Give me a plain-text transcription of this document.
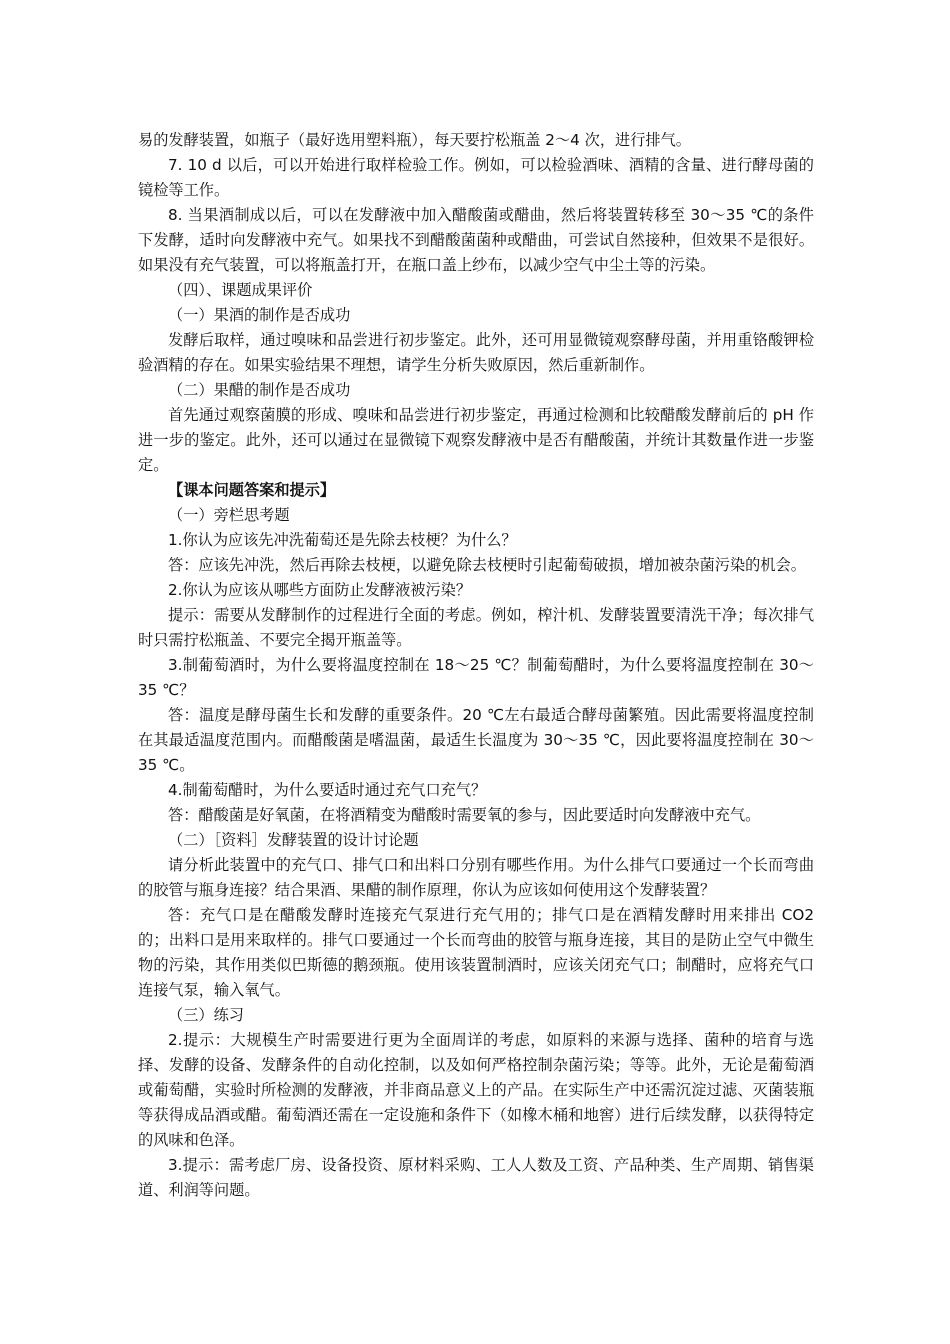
易的发酵装置，如瓶子（最好选用塑料瓶），每天要拧松瓶盖 2～4 次，进行排气。

7. 10 d 以后，可以开始进行取样检验工作。例如，可以检验酒味、酒精的含量、进行酵母菌的镜检等工作。

8. 当果酒制成以后，可以在发酵液中加入醋酸菌或醋曲，然后将装置转移至 30～35 ℃的条件下发酵，适时向发酵液中充气。如果找不到醋酸菌菌种或醋曲，可尝试自然接种，但效果不是很好。如果没有充气装置，可以将瓶盖打开，在瓶口盖上纱布，以减少空气中尘土等的污染。

（四）、课题成果评价

（一）果酒的制作是否成功

发酵后取样，通过嗅味和品尝进行初步鉴定。此外，还可用显微镜观察酵母菌，并用重铬酸钾检验酒精的存在。如果实验结果不理想，请学生分析失败原因，然后重新制作。

（二）果醋的制作是否成功

首先通过观察菌膜的形成、嗅味和品尝进行初步鉴定，再通过检测和比较醋酸发酵前后的 pH 作进一步的鉴定。此外，还可以通过在显微镜下观察发酵液中是否有醋酸菌，并统计其数量作进一步鉴定。

【课本问题答案和提示】

（一）旁栏思考题

1.你认为应该先冲洗葡萄还是先除去枝梗？为什么？

答：应该先冲洗，然后再除去枝梗，以避免除去枝梗时引起葡萄破损，增加被杂菌污染的机会。

2.你认为应该从哪些方面防止发酵液被污染？

提示：需要从发酵制作的过程进行全面的考虑。例如，榨汁机、发酵装置要清洗干净；每次排气时只需拧松瓶盖、不要完全揭开瓶盖等。

3.制葡萄酒时，为什么要将温度控制在 18～25 ℃？制葡萄醋时，为什么要将温度控制在 30～35 ℃？

答：温度是酵母菌生长和发酵的重要条件。20 ℃左右最适合酵母菌繁殖。因此需要将温度控制在其最适温度范围内。而醋酸菌是嗜温菌，最适生长温度为 30～35 ℃，因此要将温度控制在 30～35 ℃。

4.制葡萄醋时，为什么要适时通过充气口充气？

答：醋酸菌是好氧菌，在将酒精变为醋酸时需要氧的参与，因此要适时向发酵液中充气。

（二）［资料］发酵装置的设计讨论题

请分析此装置中的充气口、排气口和出料口分别有哪些作用。为什么排气口要通过一个长而弯曲的胶管与瓶身连接？结合果酒、果醋的制作原理，你认为应该如何使用这个发酵装置？

答：充气口是在醋酸发酵时连接充气泵进行充气用的；排气口是在酒精发酵时用来排出 CO2 的；出料口是用来取样的。排气口要通过一个长而弯曲的胶管与瓶身连接，其目的是防止空气中微生物的污染，其作用类似巴斯德的鹅颈瓶。使用该装置制酒时，应该关闭充气口；制醋时，应将充气口连接气泵，输入氧气。

（三）练习

2.提示：大规模生产时需要进行更为全面周详的考虑，如原料的来源与选择、菌种的培育与选择、发酵的设备、发酵条件的自动化控制，以及如何严格控制杂菌污染；等等。此外，无论是葡萄酒或葡萄醋，实验时所检测的发酵液，并非商品意义上的产品。在实际生产中还需沉淀过滤、灭菌装瓶等获得成品酒或醋。葡萄酒还需在一定设施和条件下（如橡木桶和地窖）进行后续发酵，以获得特定的风味和色泽。

3.提示：需考虑厂房、设备投资、原材料采购、工人人数及工资、产品种类、生产周期、销售渠道、利润等问题。
